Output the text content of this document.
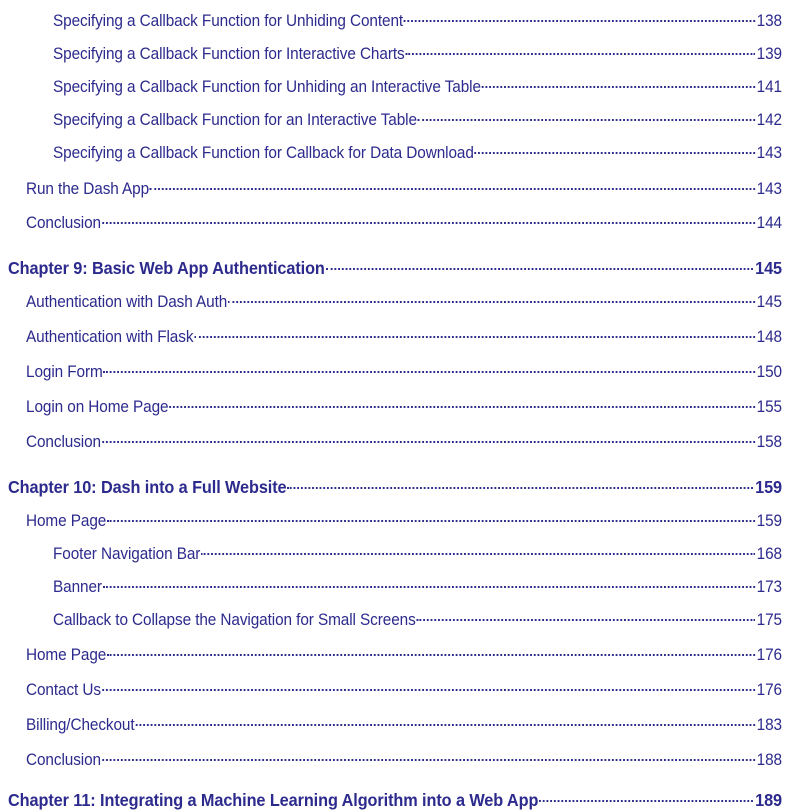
Specifying a Callback Function for Unhiding Content	138
Specifying a Callback Function for Interactive Charts	139
Specifying a Callback Function for Unhiding an Interactive Table	141
Specifying a Callback Function for an Interactive Table	142
Specifying a Callback Function for Callback for Data Download	143
Run the Dash App	143
Conclusion	144
Chapter 9: Basic Web App Authentication	145
Authentication with Dash Auth	145
Authentication with Flask	148
Login Form	150
Login on Home Page	155
Conclusion	158
Chapter 10: Dash into a Full Website	159
Home Page	159
Footer Navigation Bar	168
Banner	173
Callback to Collapse the Navigation for Small Screens	175
Home Page	176
Contact Us	176
Billing/Checkout	183
Conclusion	188
Chapter 11: Integrating a Machine Learning Algorithm into a Web App	189
